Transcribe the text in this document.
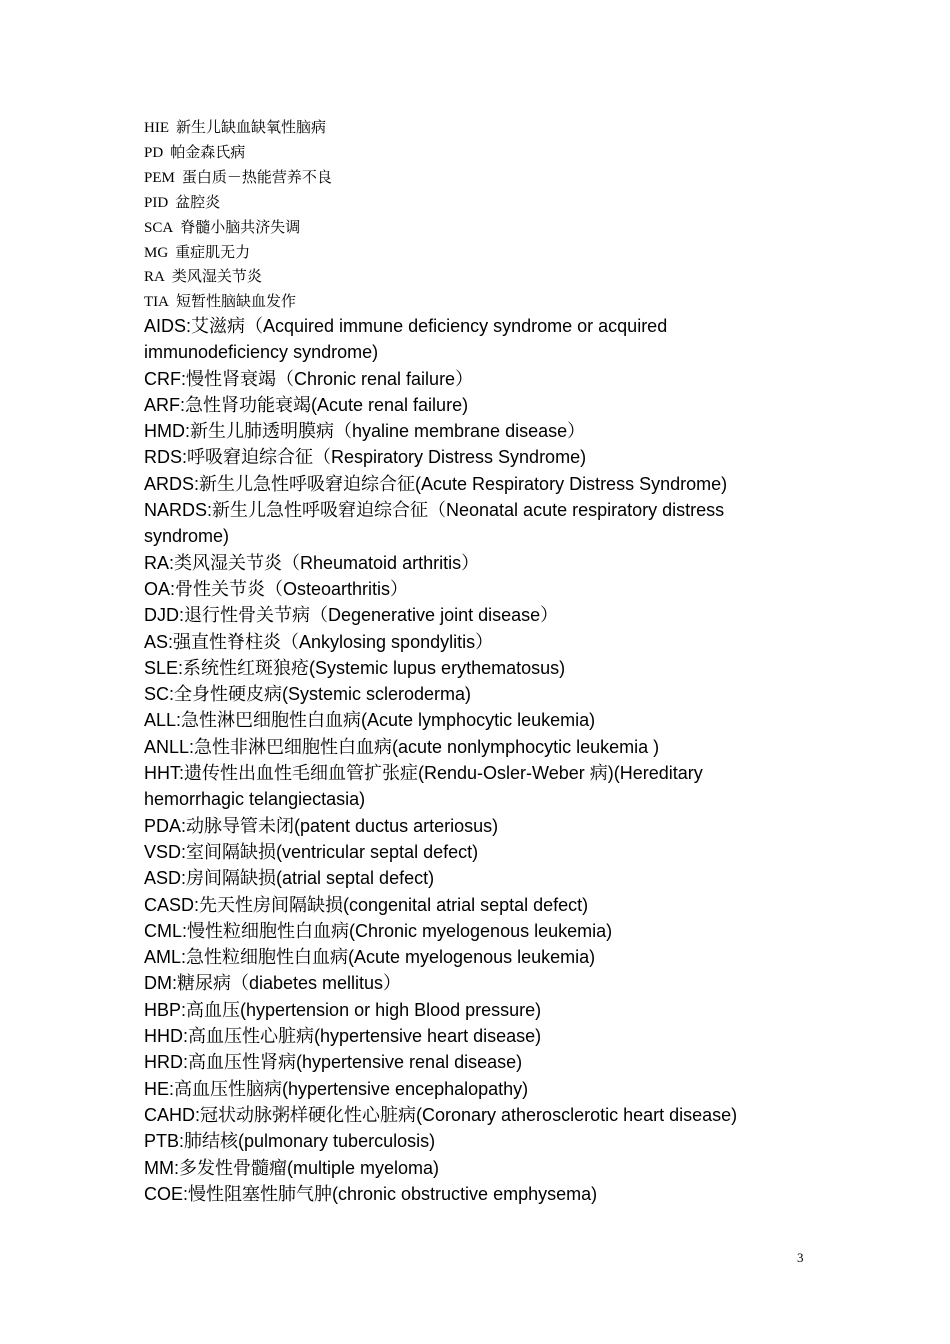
HIE 新生儿缺血缺氧性脑病
PD 帕金森氏病
PEM 蛋白质－热能营养不良
PID 盆腔炎
SCA 脊髓小脑共济失调
MG 重症肌无力
RA 类风湿关节炎
TIA 短暂性脑缺血发作
AIDS:艾滋病（Acquired immune deficiency syndrome or acquired immunodeficiency syndrome)
CRF:慢性肾衰竭（Chronic renal failure）
ARF:急性肾功能衰竭(Acute renal failure)
HMD:新生儿肺透明膜病（hyaline membrane disease）
RDS:呼吸窘迫综合征（Respiratory Distress Syndrome)
ARDS:新生儿急性呼吸窘迫综合征(Acute Respiratory Distress Syndrome)
NARDS:新生儿急性呼吸窘迫综合征（Neonatal acute respiratory distress syndrome)
RA:类风湿关节炎（Rheumatoid arthritis）
OA:骨性关节炎（Osteoarthritis）
DJD:退行性骨关节病（Degenerative joint disease）
AS:强直性脊柱炎（Ankylosing spondylitis）
SLE:系统性红斑狼疮(Systemic lupus erythematosus)
SC:全身性硬皮病(Systemic scleroderma)
ALL:急性淋巴细胞性白血病(Acute lymphocytic leukemia)
ANLL:急性非淋巴细胞性白血病(acute nonlymphocytic leukemia )
HHT:遗传性出血性毛细血管扩张症(Rendu-Osler-Weber 病)(Hereditary hemorrhagic telangiectasia)
PDA:动脉导管未闭(patent ductus arteriosus)
VSD:室间隔缺损(ventricular septal defect)
ASD:房间隔缺损(atrial septal defect)
CASD:先天性房间隔缺损(congenital atrial septal defect)
CML:慢性粒细胞性白血病(Chronic myelogenous leukemia)
AML:急性粒细胞性白血病(Acute myelogenous leukemia)
DM:糖尿病（diabetes mellitus）
HBP:高血压(hypertension or high Blood pressure)
HHD:高血压性心脏病(hypertensive heart disease)
HRD:高血压性肾病(hypertensive renal disease)
HE:高血压性脑病(hypertensive encephalopathy)
CAHD:冠状动脉粥样硬化性心脏病(Coronary atherosclerotic heart disease)
PTB:肺结核(pulmonary tuberculosis)
MM:多发性骨髓瘤(multiple myeloma)
COE:慢性阻塞性肺气肿(chronic obstructive emphysema)
3
